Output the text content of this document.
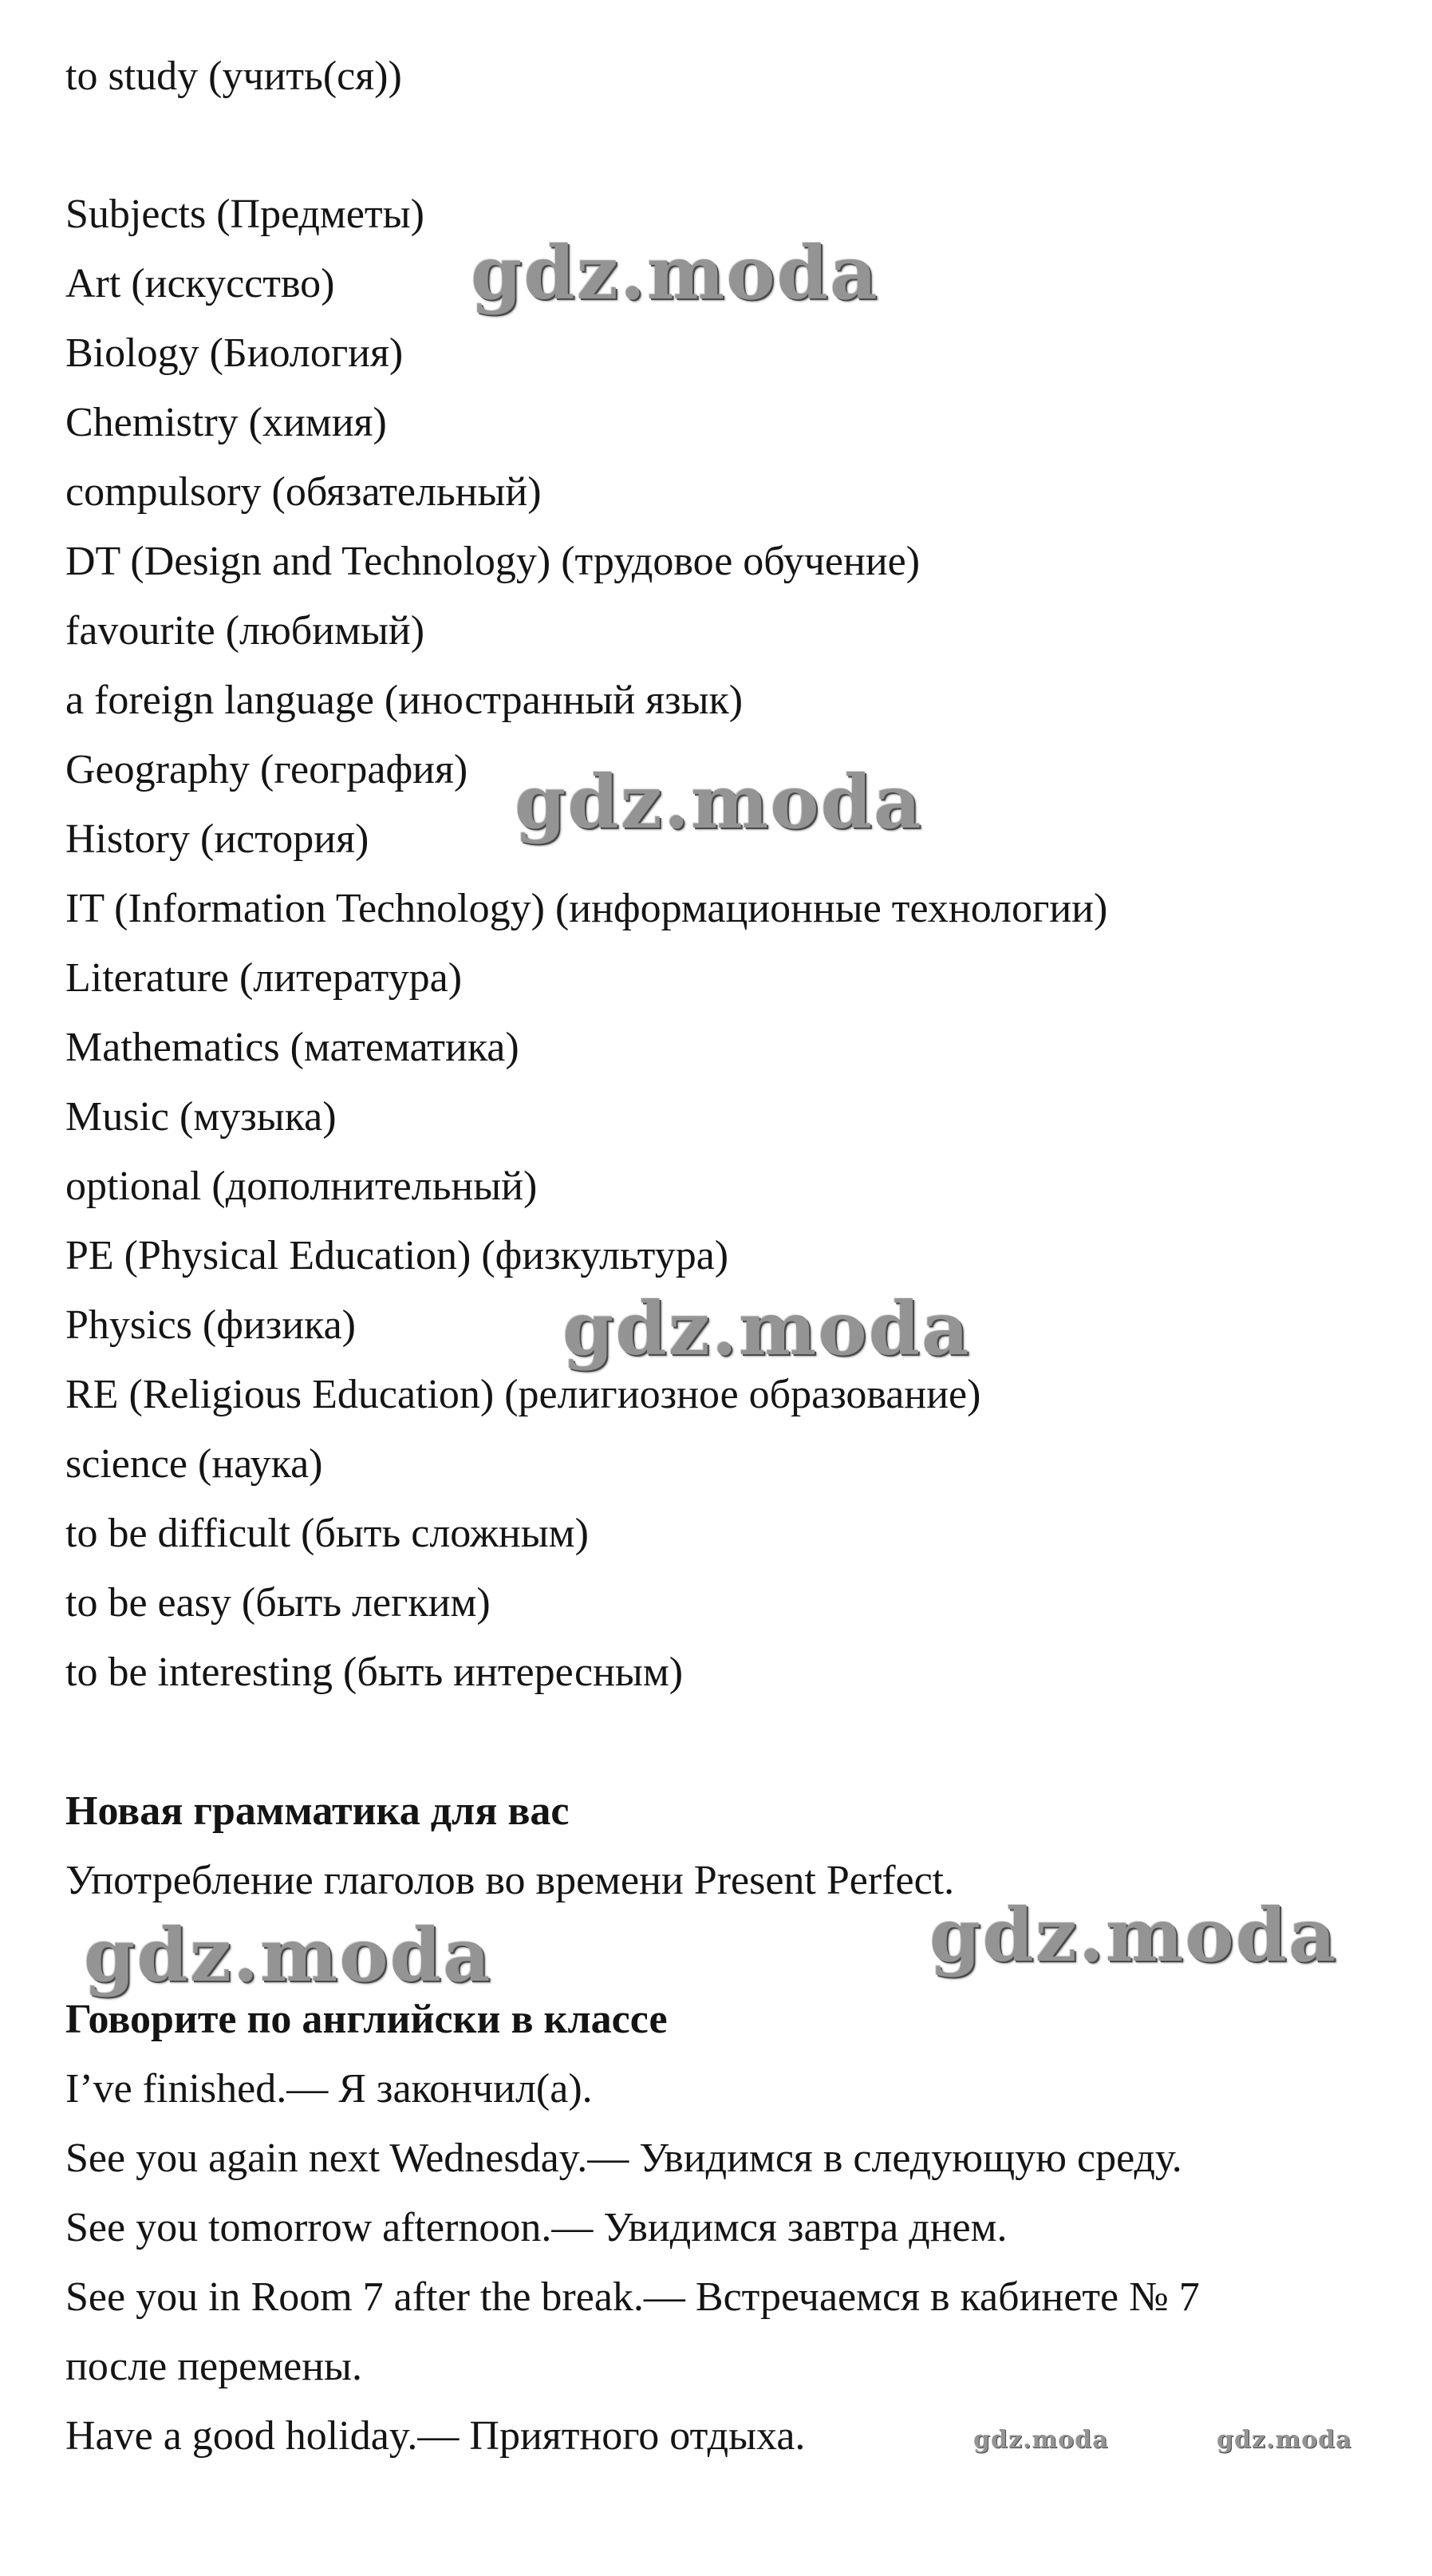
to study (учить(ся))
Subjects (Предметы)
Art (искусство)
Biology (Биология)
Chemistry (химия)
compulsory (обязательный)
DT (Design and Technology) (трудовое обучение)
favourite (любимый)
a foreign language (иностранный язык)
Geography (география)
History (история)
IT (Information Technology) (информационные технологии)
Literature (литература)
Mathematics (математика)
Music (музыка)
optional (дополнительный)
PE (Physical Education) (физкультура)
Physics (физика)
RE (Religious Education) (религиозное образование)
science (наука)
to be difficult (быть сложным)
to be easy (быть легким)
to be interesting (быть интересным)
Новая грамматика для вас
Употребление глаголов во времени Present Perfect.
Говорите по английски в классе
I’ve finished.— Я закончил(а).
See you again next Wednesday.— Увидимся в следующую среду.
See you tomorrow afternoon.— Увидимся завтра днем.
See you in Room 7 after the break.— Встречаемся в кабинете № 7
после перемены.
Have a good holiday.— Приятного отдыха.
gdz.moda
gdz.moda
gdz.moda
gdz.moda	gdz.moda
gdz.moda	gdz.moda
